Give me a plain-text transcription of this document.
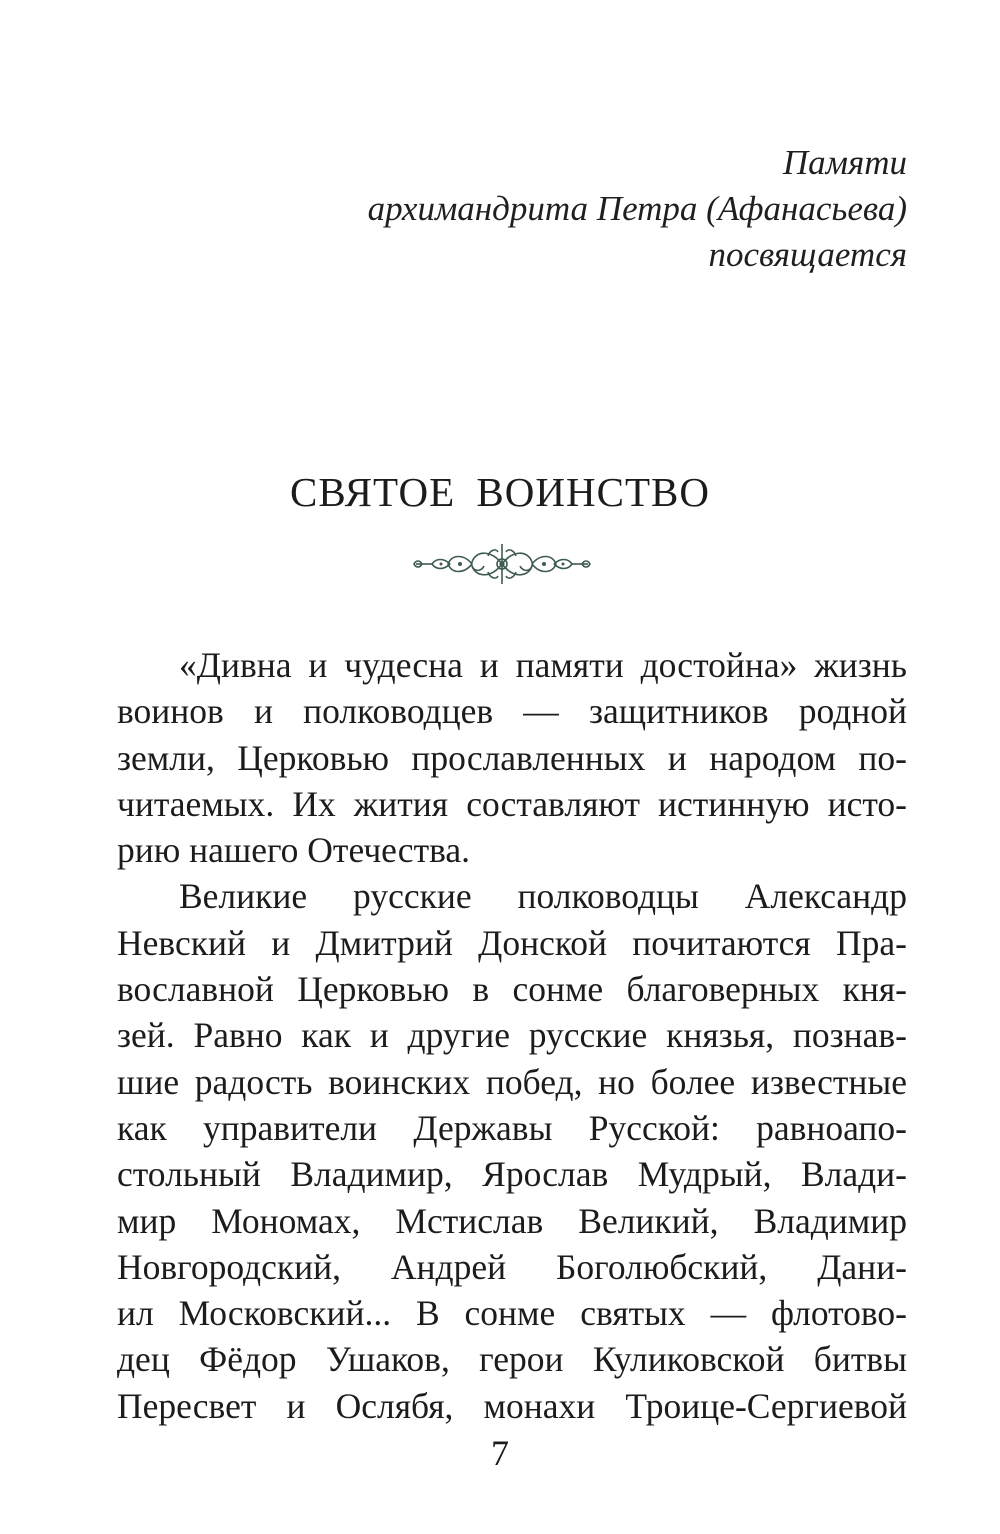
Памяти
архимандрита Петра (Афанасьева)
посвящается
СВЯТОЕ ВОИНСТВО
«Дивна и чудесна и памяти достойна» жизнь
воинов и полководцев — защитников родной
земли, Церковью прославленных и народом по-
читаемых. Их жития составляют истинную исто-
рию нашего Отечества.
Великие русские полководцы Александр
Невский и Дмитрий Донской почитаются Пра-
вославной Церковью в сонме благоверных кня-
зей. Равно как и другие русские князья, познав-
шие радость воинских побед, но более известные
как управители Державы Русской: равноапо-
стольный Владимир, Ярослав Мудрый, Влади-
мир Мономах, Мстислав Великий, Владимир
Новгородский, Андрей Боголюбский, Дани-
ил Московский... В сонме святых — флотово-
дец Фёдор Ушаков, герои Куликовской битвы
Пересвет и Ослябя, монахи Троице-Сергиевой
7
